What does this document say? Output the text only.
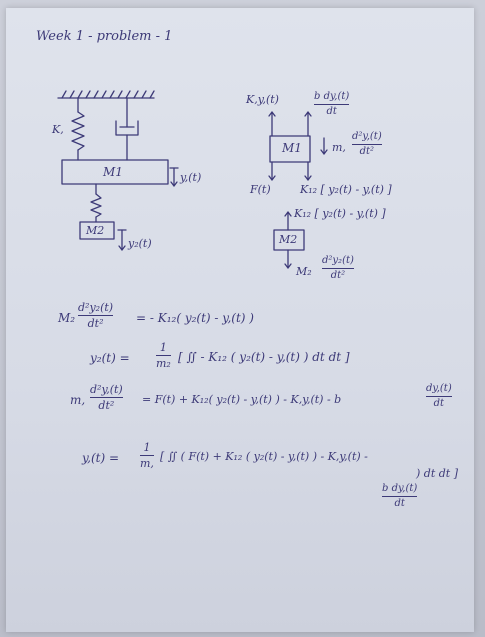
Week 1 - problem - 1
K,
M1	y,(t)
M2
y₂(t)
K,y,(t)	b dy,(t)
dt
M1	m,
d²y,(t)
dt²
F(t)	K₁₂ [ y₂(t) - y,(t) ]
K₁₂ [ y₂(t) - y,(t) ]
M2
M₂
d²y₂(t)
dt²
M₂
d²y₂(t)
dt²	= - K₁₂( y₂(t) - y,(t) )
y₂(t) =
1
m₂ [ ∬ - K₁₂ ( y₂(t) - y,(t) ) dt dt ]
m,
d²y,(t)
dt²	= F(t) + K₁₂( y₂(t) - y,(t) ) - K,y,(t) - b
dy,(t)
dt
y,(t) =
1
m,
[ ∬ ( F(t) + K₁₂ ( y₂(t) - y,(t) ) - K,y,(t) -
b dy,(t)
dt
) dt dt ]
